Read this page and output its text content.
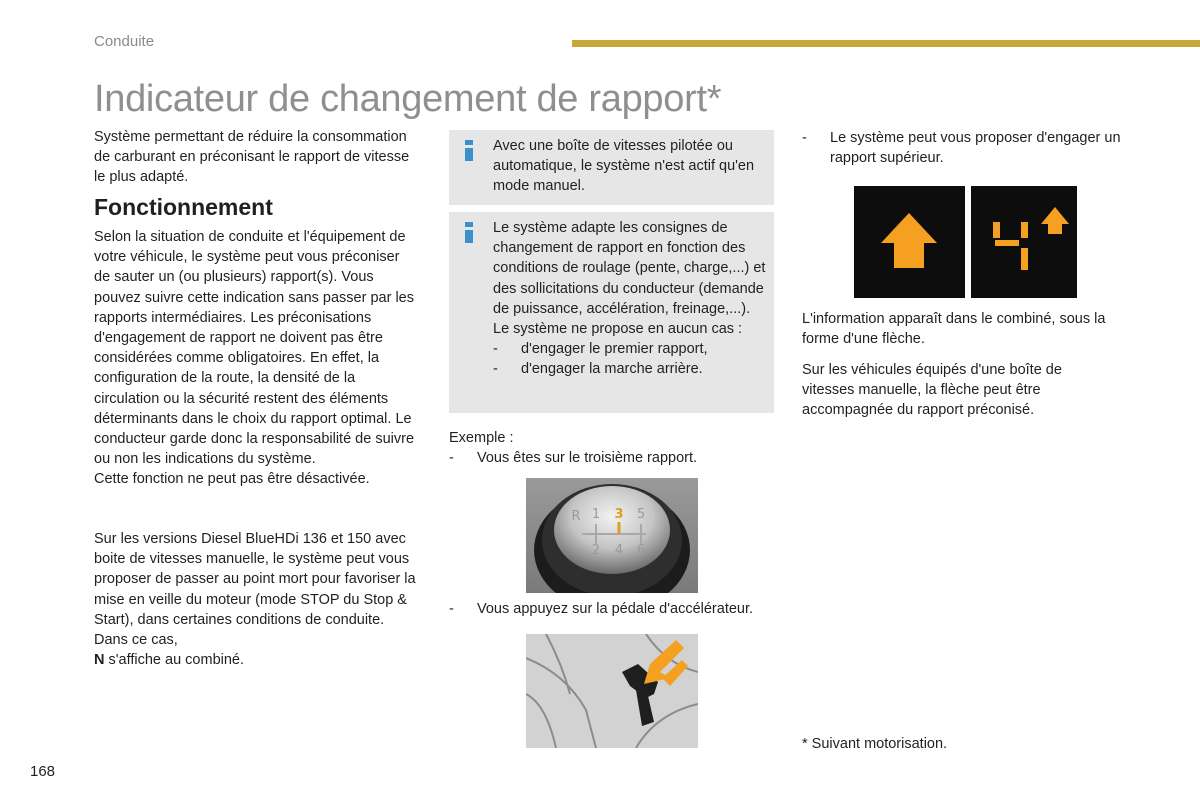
Conduite
Indicateur de changement de rapport*

Système permettant de réduire la consommation de carburant en préconisant le rapport de vitesse le plus adapté.

Fonctionnement

Selon la situation de conduite et l'équipement de votre véhicule, le système peut vous préconiser de sauter un (ou plusieurs) rapport(s). Vous pouvez suivre cette indication sans passer par les rapports intermédiaires. Les préconisations d'engagement de rapport ne doivent pas être considérées comme obligatoires. En effet, la configuration de la route, la densité de la circulation ou la sécurité restent des éléments déterminants dans le choix du rapport optimal. Le conducteur garde donc la responsabilité de suivre ou non les indications du système.

Cette fonction ne peut pas être désactivée.

Sur les versions Diesel BlueHDi 136 et 150 avec boite de vitesses manuelle, le système peut vous proposer de passer au point mort pour favoriser la mise en veille du moteur (mode STOP du Stop & Start), dans certaines conditions de conduite. Dans ce cas,
N s'affiche au combiné.

Avec une boîte de vitesses pilotée ou automatique, le système n'est actif qu'en mode manuel.

Le système adapte les consignes de changement de rapport en fonction des conditions de roulage (pente, charge,...) et des sollicitations du conducteur (demande de puissance, accélération, freinage,...).

Le système ne propose en aucun cas :

-	d'engager le premier rapport,
-	d'engager la marche arrière.

Exemple :

-	Vous êtes sur le troisième rapport.
R 1 3 5
2 4 6
-	Vous appuyez sur la pédale d'accélérateur.
-	Le système peut vous proposer d'engager un rapport supérieur.

L'information apparaît dans le combiné, sous la forme d'une flèche.

Sur les véhicules équipés d'une boîte de vitesses manuelle, la flèche peut être accompagnée du rapport préconisé.

* Suivant motorisation.

168
